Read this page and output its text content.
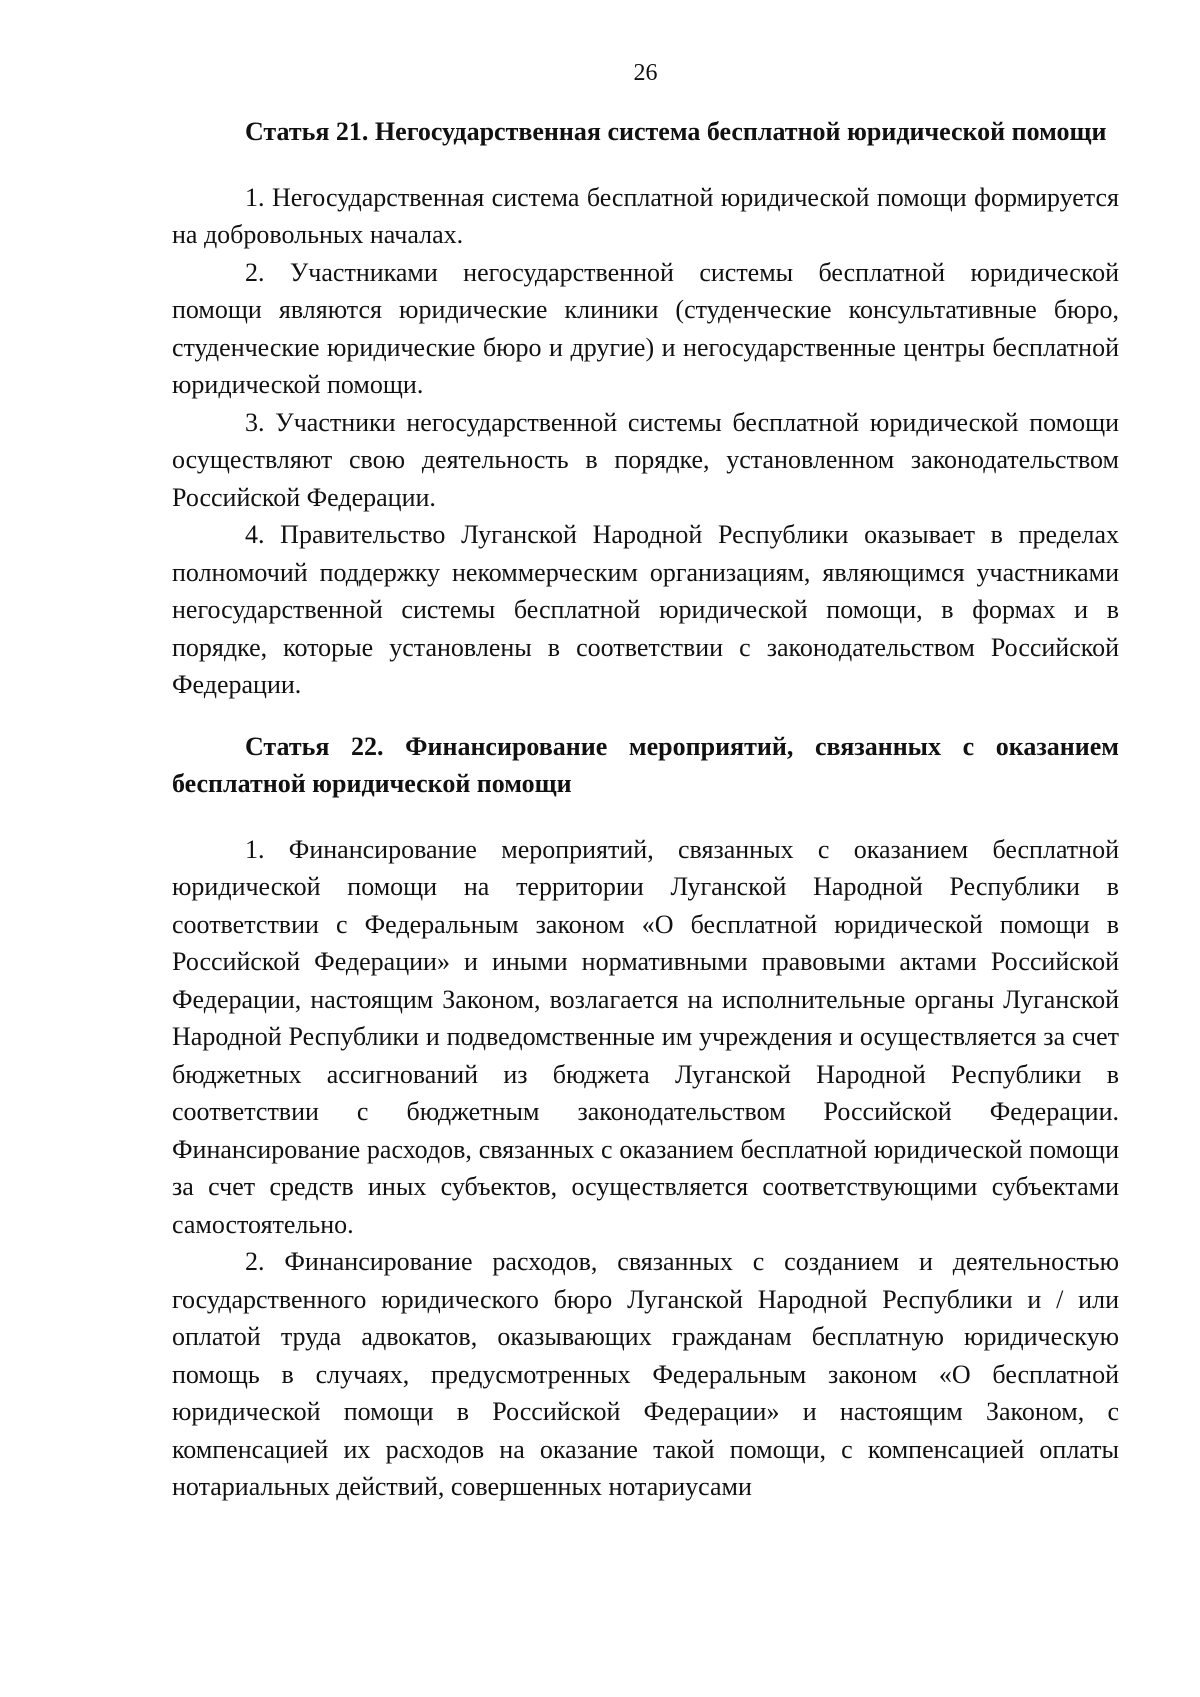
26

Статья 21. Негосударственная система бесплатной юридической помощи

1. Негосударственная система бесплатной юридической помощи формируется на добровольных началах.

2. Участниками негосударственной системы бесплатной юридической помощи являются юридические клиники (студенческие консультативные бюро, студенческие юридические бюро и другие) и негосударственные центры бесплатной юридической помощи.

3. Участники негосударственной системы бесплатной юридической помощи осуществляют свою деятельность в порядке, установленном законодательством Российской Федерации.

4. Правительство Луганской Народной Республики оказывает в пределах полномочий поддержку некоммерческим организациям, являющимся участниками негосударственной системы бесплатной юридической помощи, в формах и в порядке, которые установлены в соответствии с законодательством Российской Федерации.

Статья 22. Финансирование мероприятий, связанных с оказанием бесплатной юридической помощи

1. Финансирование мероприятий, связанных с оказанием бесплатной юридической помощи на территории Луганской Народной Республики в соответствии с Федеральным законом «О бесплатной юридической помощи в Российской Федерации» и иными нормативными правовыми актами Российской Федерации, настоящим Законом, возлагается на исполнительные органы Луганской Народной Республики и подведомственные им учреждения и осуществляется за счет бюджетных ассигнований из бюджета Луганской Народной Республики в соответствии с бюджетным законодательством Российской Федерации. Финансирование расходов, связанных с оказанием бесплатной юридической помощи за счет средств иных субъектов, осуществляется соответствующими субъектами самостоятельно.

2. Финансирование расходов, связанных с созданием и деятельностью государственного юридического бюро Луганской Народной Республики и / или оплатой труда адвокатов, оказывающих гражданам бесплатную юридическую помощь в случаях, предусмотренных Федеральным законом «О бесплатной юридической помощи в Российской Федерации» и настоящим Законом, с компенсацией их расходов на оказание такой помощи, с компенсацией оплаты нотариальных действий, совершенных нотариусами
